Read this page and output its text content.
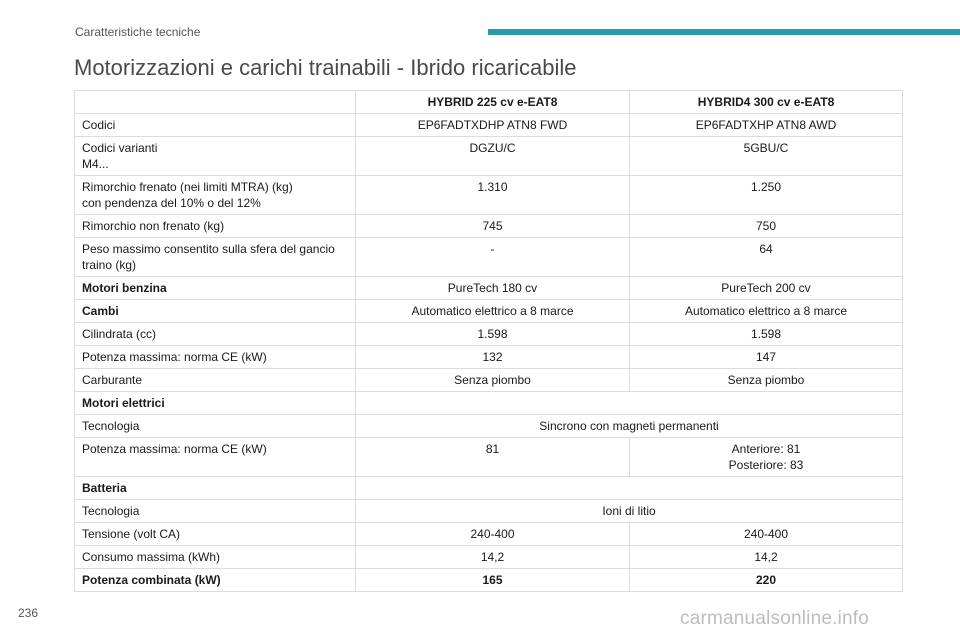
Caratteristiche tecniche
Motorizzazioni e carichi trainabili - Ibrido ricaricabile
	HYBRID 225 cv e-EAT8	HYBRID4 300 cv e-EAT8
Codici	EP6FADTXDHP ATN8 FWD	EP6FADTXHP ATN8 AWD
Codici varianti
M4...	DGZU/C	5GBU/C
Rimorchio frenato (nei limiti MTRA) (kg)
con pendenza del 10% o del 12%	1.310	1.250
Rimorchio non frenato (kg)	745	750
Peso massimo consentito sulla sfera del gancio
traino (kg)	-	64
Motori benzina	PureTech 180 cv	PureTech 200 cv
Cambi	Automatico elettrico a 8 marce	Automatico elettrico a 8 marce
Cilindrata (cc)	1.598	1.598
Potenza massima: norma CE (kW)	132	147
Carburante	Senza piombo	Senza piombo
Motori elettrici		
Tecnologia	Sincrono con magneti permanenti	
Potenza massima: norma CE (kW)	81	Anteriore: 81
Posteriore: 83
Batteria		
Tecnologia	Ioni di litio	
Tensione (volt CA)	240-400	240-400
Consumo massima (kWh)	14,2	14,2
Potenza combinata (kW)	165	220
236	carmanualsonline.info
